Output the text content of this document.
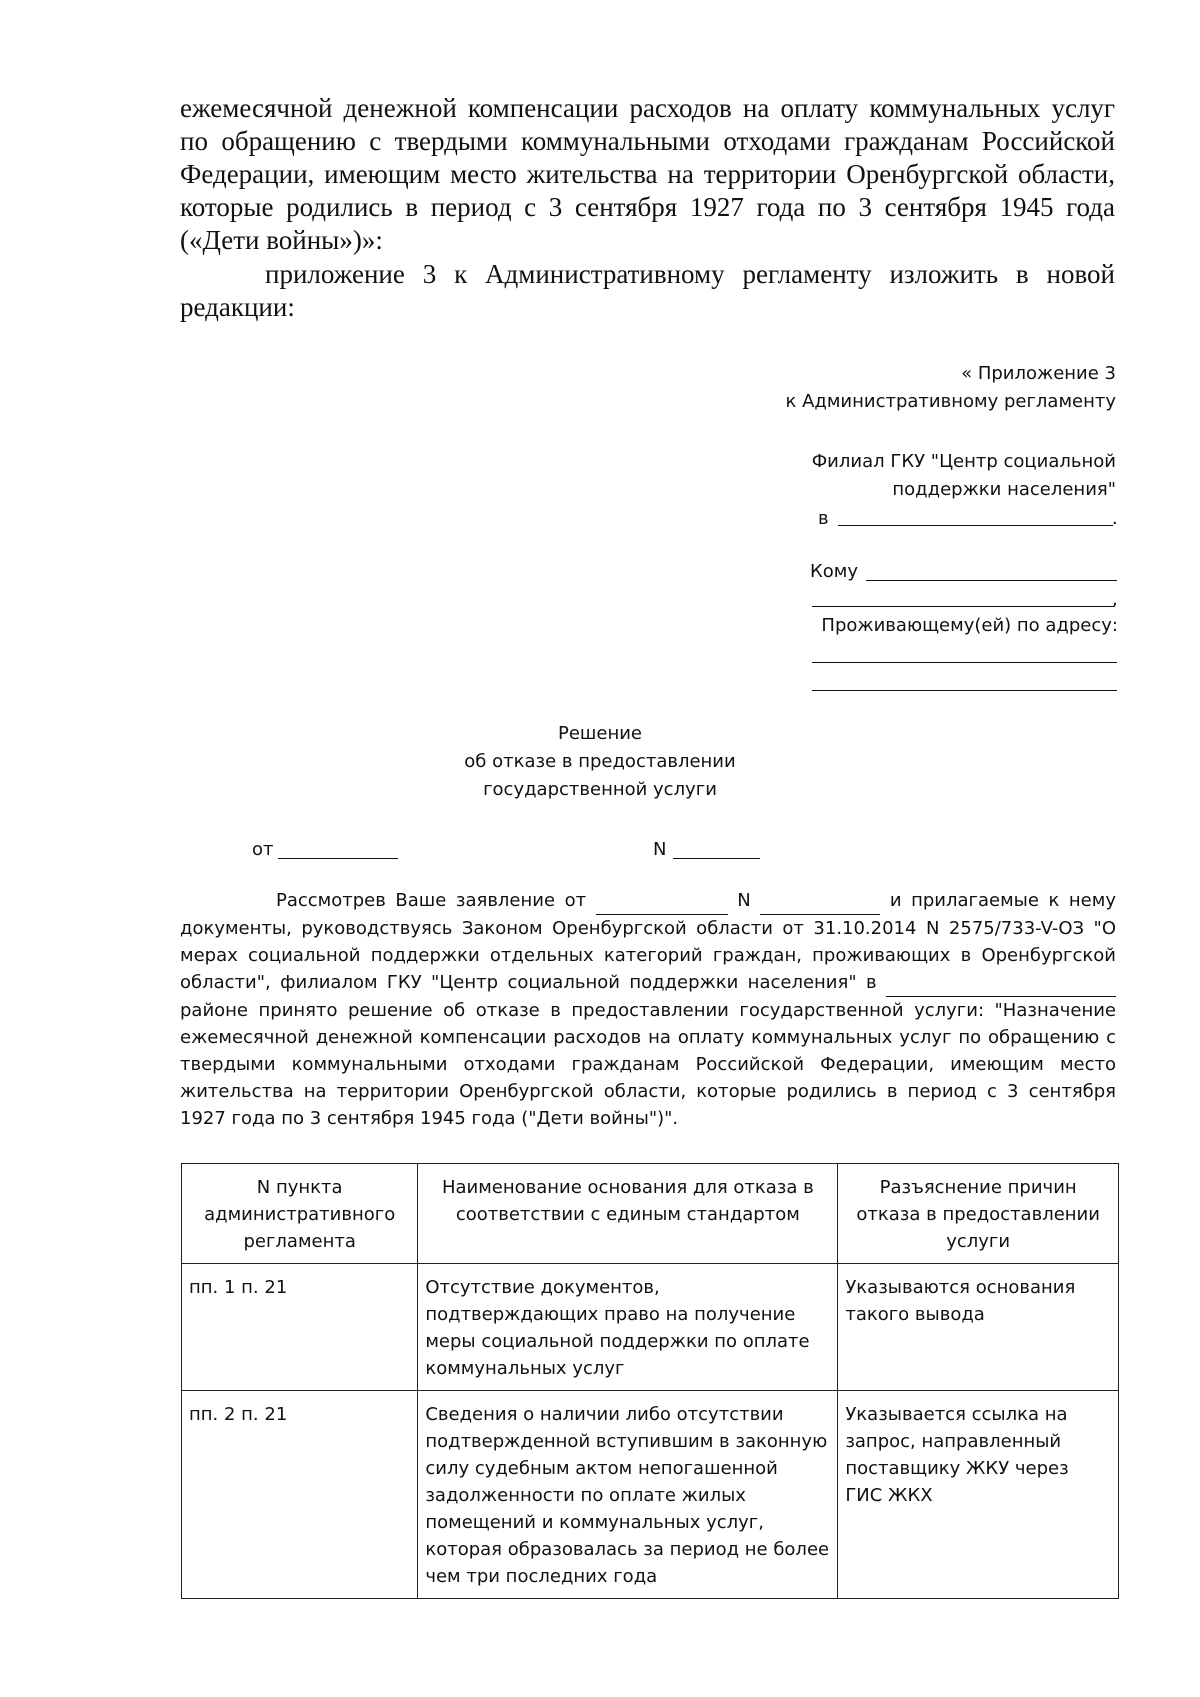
ежемесячной денежной компенсации расходов на оплату коммунальных услуг по обращению с твердыми коммунальными отходами гражданам Российской Федерации, имеющим место жительства на территории Оренбургской области, которые родились в период с 3 сентября 1927 года по 3 сентября 1945 года («Дети войны»)»:

приложение 3 к Административному регламенту изложить в новой редакции:

« Приложение 3
к Административному регламенту
Филиал ГКУ "Центр социальной
поддержки населения"
в	.
Кому
,
Проживающему(ей) по адресу:
Решение
об отказе в предоставлении
государственной услуги
от	N

Рассмотрев Ваше заявление от	N	и прилагаемые к нему документы, руководствуясь Законом Оренбургской области от 31.10.2014 N 2575/733-V-ОЗ "О мерах социальной поддержки отдельных категорий граждан, проживающих в Оренбургской области", филиалом ГКУ "Центр социальной поддержки населения" в   районе принято решение об отказе в предоставлении государственной услуги: "Назначение ежемесячной денежной компенсации расходов на оплату коммунальных услуг по обращению с твердыми коммунальными отходами гражданам Российской Федерации, имеющим место жительства на территории Оренбургской области, которые родились в период с 3 сентября 1927 года по 3 сентября 1945 года ("Дети войны")".

N пункта административного регламента	Наименование основания для отказа в соответствии с единым стандартом	Разъяснение причин отказа в предоставлении услуги
пп. 1 п. 21	Отсутствие документов, подтверждающих право на получение меры социальной поддержки по оплате коммунальных услуг	Указываются основания такого вывода
пп. 2 п. 21	Сведения о наличии либо отсутствии подтвержденной вступившим в законную силу судебным актом непогашенной задолженности по оплате жилых помещений и коммунальных услуг, которая образовалась за период не более чем три последних года	Указывается ссылка на запрос, направленный поставщику ЖКУ через ГИС ЖКХ
